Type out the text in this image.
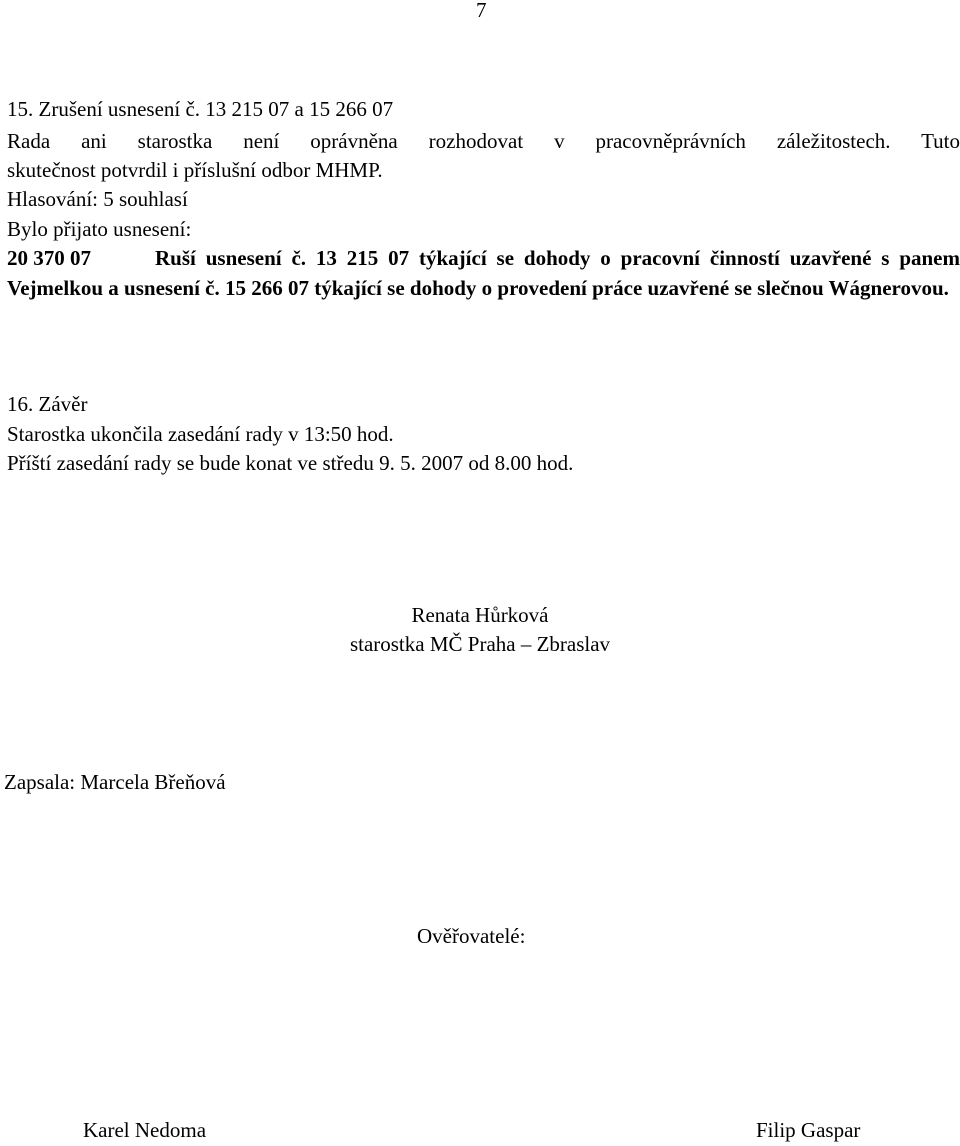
7
15. Zrušení usnesení č. 13 215 07 a 15 266 07
Rada ani starostka není oprávněna rozhodovat v pracovněprávních záležitostech. Tuto
skutečnost potvrdil i příslušní odbor MHMP.
Hlasování: 5 souhlasí
Bylo přijato usnesení:
20 370 07	Ruší usnesení č. 13 215 07 týkající se dohody o pracovní činností uzavřené s panem Vejmelkou a usnesení č. 15 266 07 týkající se dohody o provedení práce uzavřené se slečnou Wágnerovou.
16. Závěr
Starostka ukončila zasedání rady v 13:50 hod.
Příští zasedání rady se bude konat ve středu 9. 5. 2007 od 8.00 hod.
Renata Hůrková
starostka MČ Praha – Zbraslav
Zapsala: Marcela Břeňová
Ověřovatelé:
Karel Nedoma	Filip Gaspar
